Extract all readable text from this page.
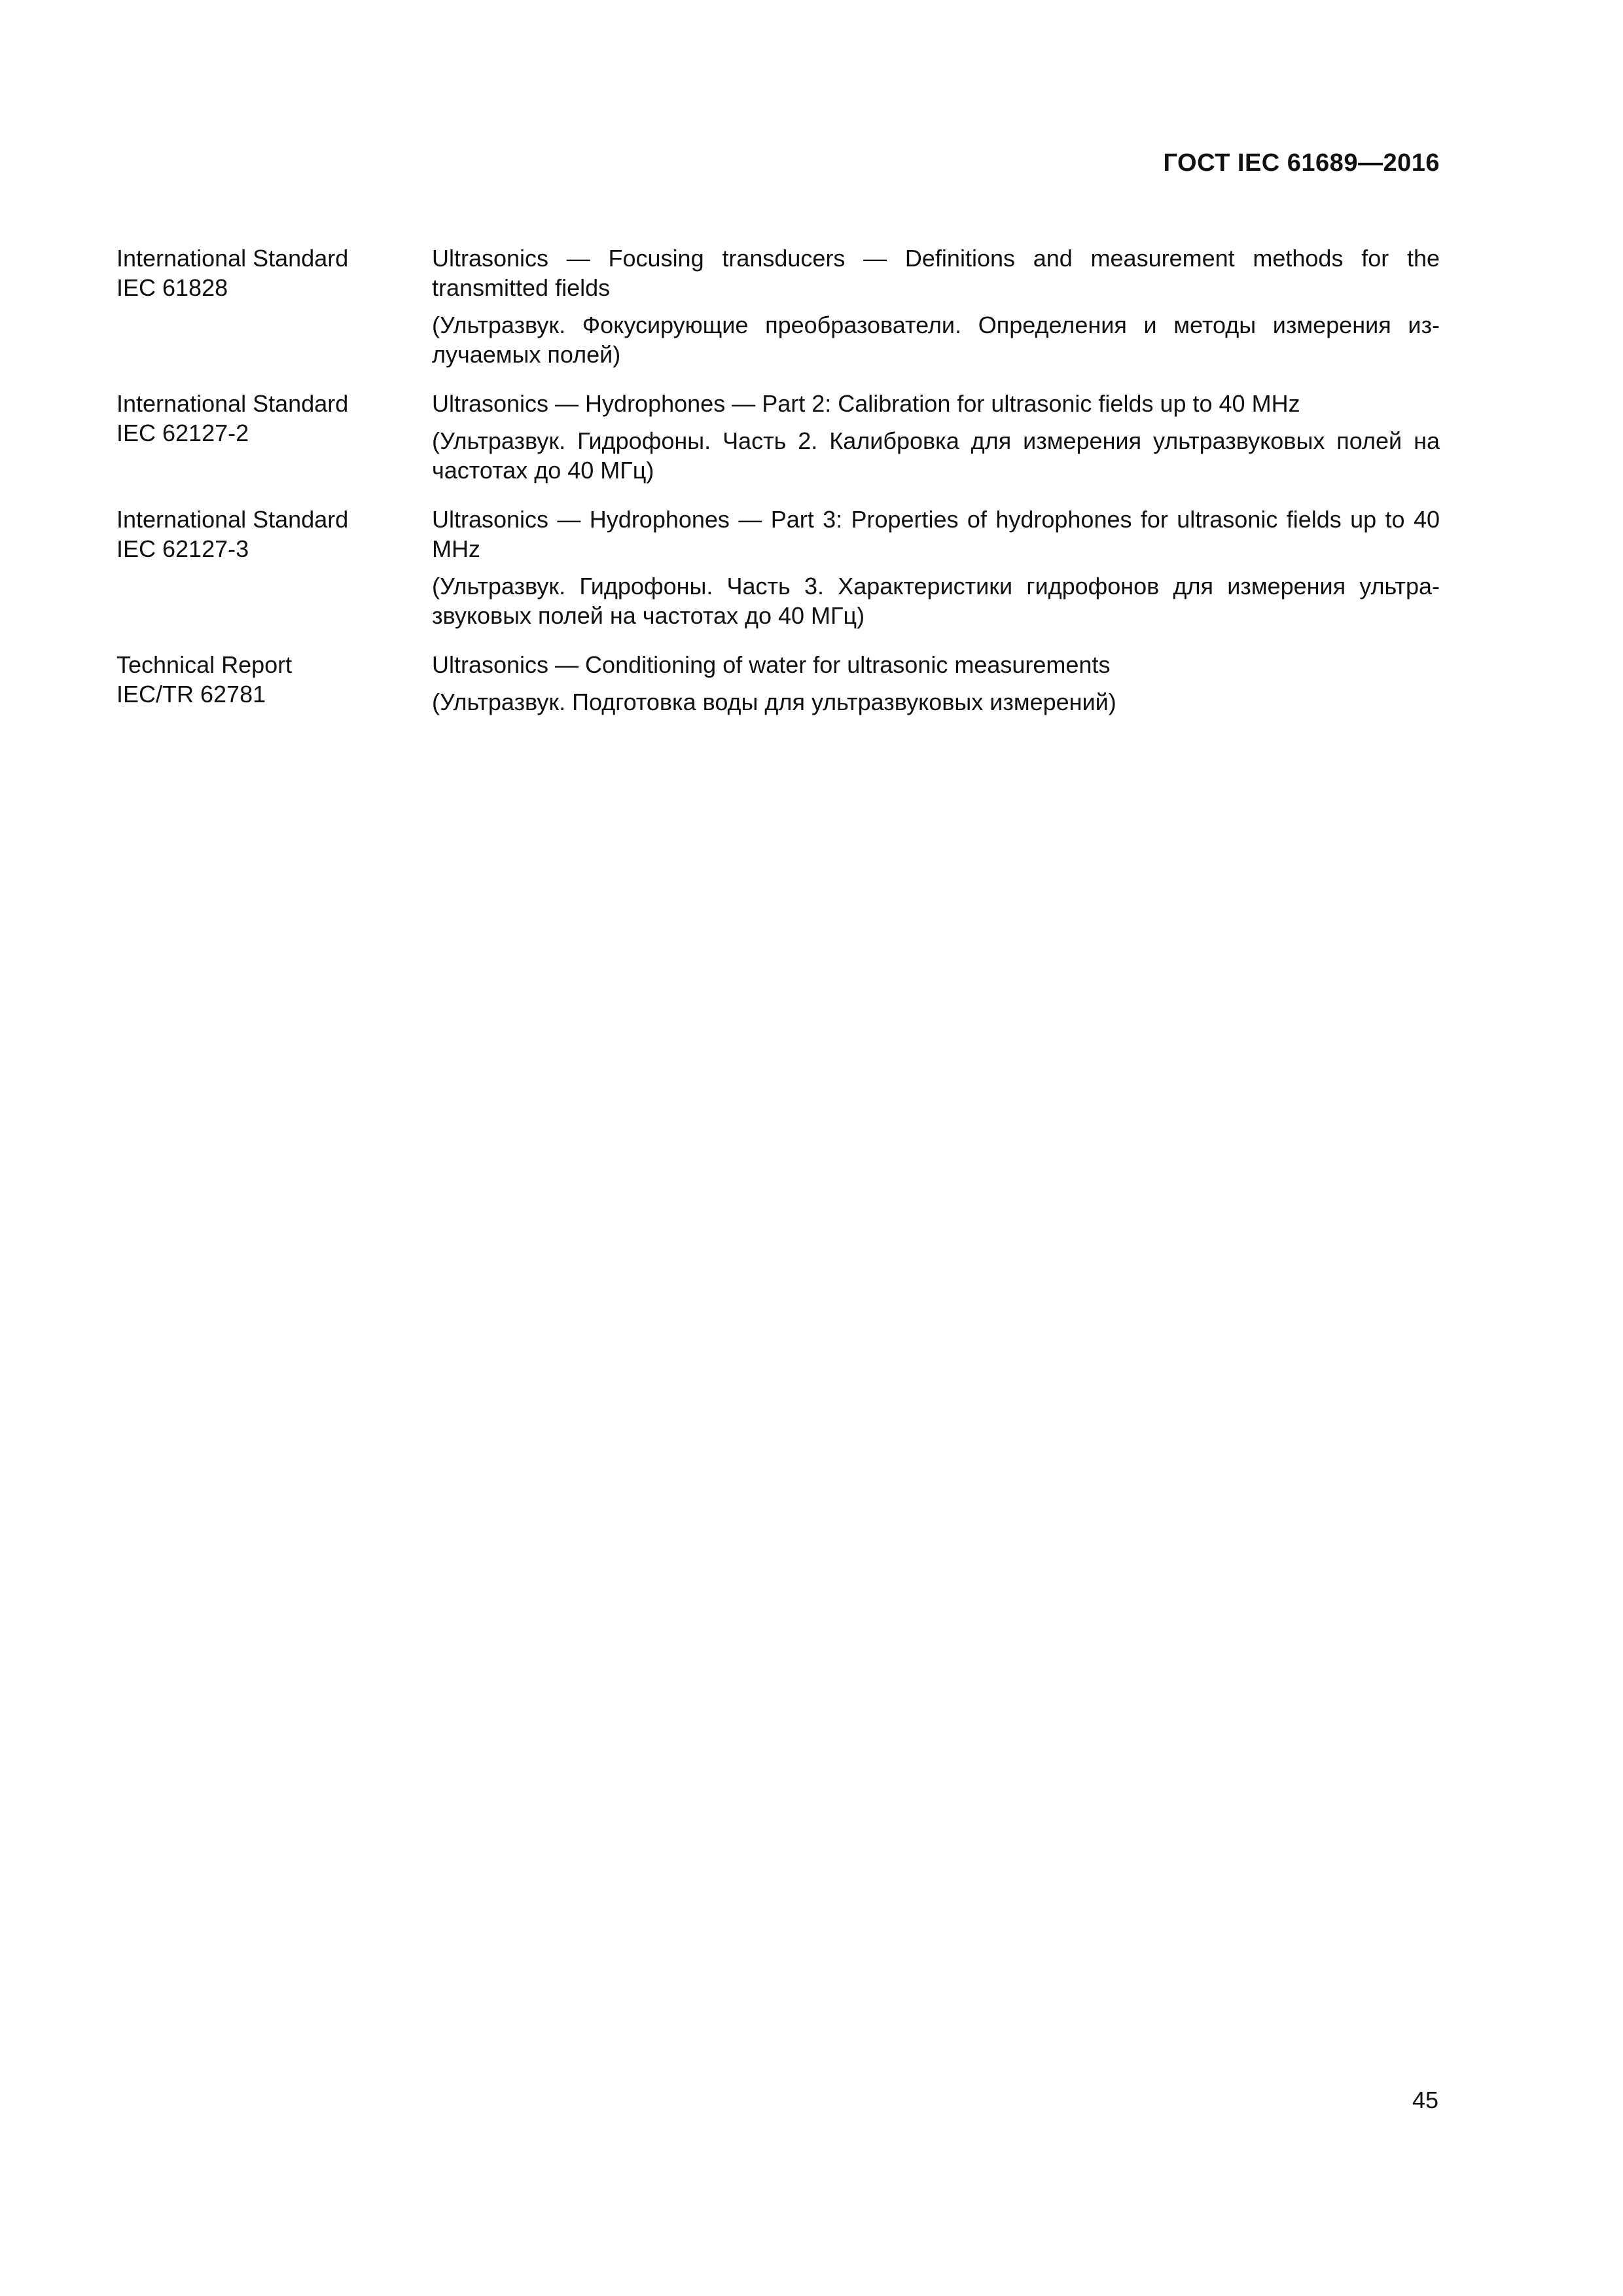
ГОСТ IEC 61689—2016
International Standard
IEC 61828

Ultrasonics — Focusing transducers — Definitions and measurement methods for the transmitted fields

(Ультразвук. Фокусирующие преобразователи. Определения и методы измерения излучаемых полей)

International Standard
IEC 62127-2

Ultrasonics — Hydrophones — Part 2: Calibration for ultrasonic fields up to 40 MHz

(Ультразвук. Гидрофоны. Часть 2. Калибровка для измерения ультразвуковых полей на частотах до 40 МГц)

International Standard
IEC 62127-3

Ultrasonics — Hydrophones — Part 3: Properties of hydrophones for ultrasonic fields up to 40 MHz

(Ультразвук. Гидрофоны. Часть 3. Характеристики гидрофонов для измерения ультразвуковых полей на частотах до 40 МГц)

Technical Report
IEC/TR 62781

Ultrasonics — Conditioning of water for ultrasonic measurements

(Ультразвук. Подготовка воды для ультразвуковых измерений)

45
